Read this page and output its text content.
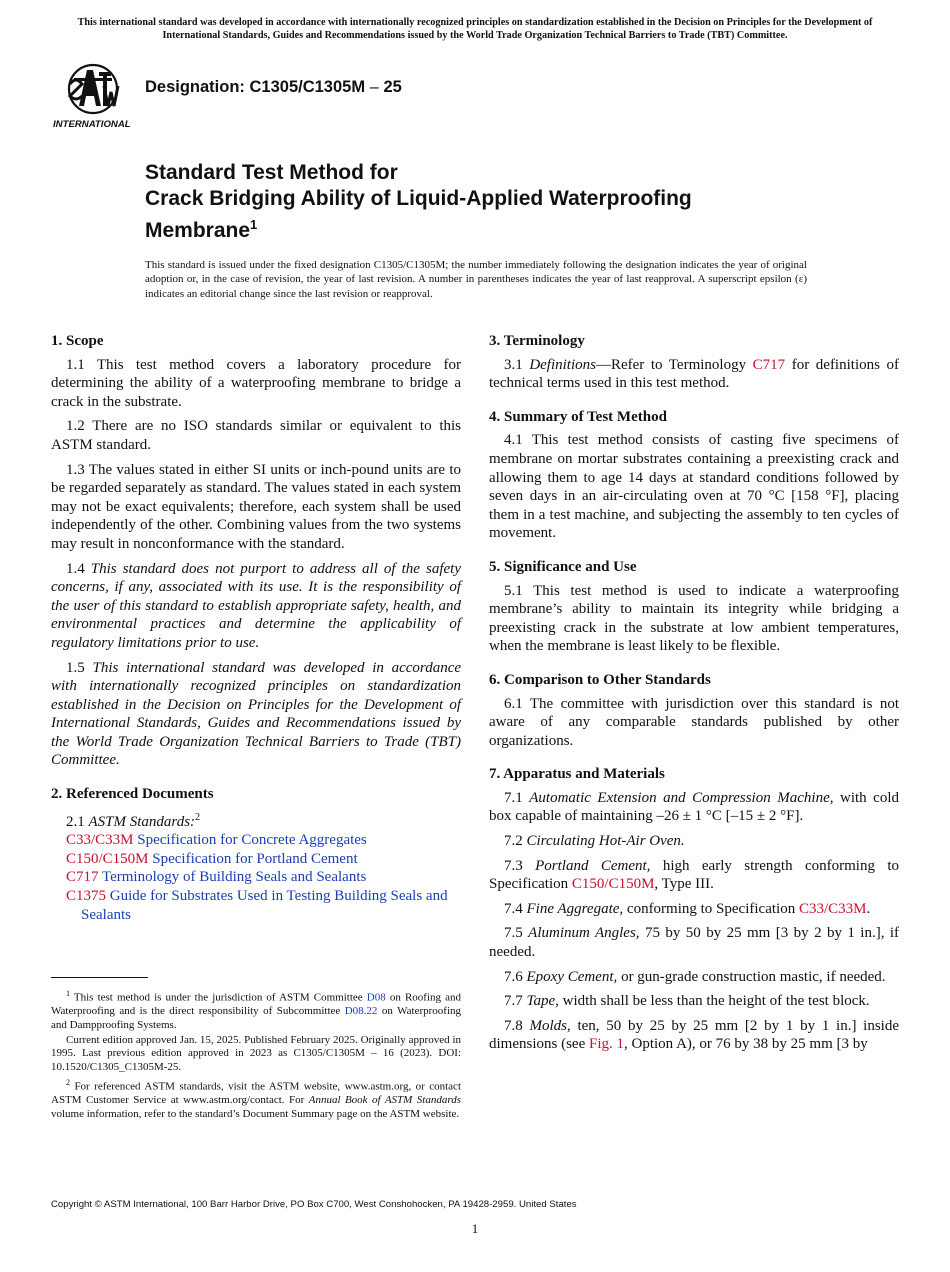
This international standard was developed in accordance with internationally recognized principles on standardization established in the Decision on Principles for the Development of International Standards, Guides and Recommendations issued by the World Trade Organization Technical Barriers to Trade (TBT) Committee.
INTERNATIONAL
Designation: C1305/C1305M – 25
Standard Test Method for
Crack Bridging Ability of Liquid-Applied Waterproofing
Membrane$^1$
This standard is issued under the fixed designation C1305/C1305M; the number immediately following the designation indicates the year of original adoption or, in the case of revision, the year of last revision. A number in parentheses indicates the year of last reapproval. A superscript epsilon (ε) indicates an editorial change since the last revision or reapproval.
1. Scope

1.1 This test method covers a laboratory procedure for determining the ability of a waterproofing membrane to bridge a crack in the substrate.

1.2 There are no ISO standards similar or equivalent to this ASTM standard.

1.3 The values stated in either SI units or inch-pound units are to be regarded separately as standard. The values stated in each system may not be exact equivalents; therefore, each system shall be used independently of the other. Combining values from the two systems may result in nonconformance with the standard.

1.4 This standard does not purport to address all of the safety concerns, if any, associated with its use. It is the responsibility of the user of this standard to establish appropriate safety, health, and environmental practices and determine the applicability of regulatory limitations prior to use.

1.5 This international standard was developed in accordance with internationally recognized principles on standardization established in the Decision on Principles for the Development of International Standards, Guides and Recommendations issued by the World Trade Organization Technical Barriers to Trade (TBT) Committee.

2. Referenced Documents

2.1 ASTM Standards:$^2$

C33/C33M Specification for Concrete Aggregates
C150/C150M Specification for Portland Cement
C717 Terminology of Building Seals and Sealants
C1375 Guide for Substrates Used in Testing Building Seals and Sealants
3. Terminology

3.1 Definitions—Refer to Terminology C717 for definitions of technical terms used in this test method.

4. Summary of Test Method

4.1 This test method consists of casting five specimens of membrane on mortar substrates containing a preexisting crack and allowing them to age 14 days at standard conditions followed by seven days in an air-circulating oven at 70 °C [158 °F], placing them in a test machine, and subjecting the assembly to ten cycles of movement.

5. Significance and Use

5.1 This test method is used to indicate a waterproofing membrane’s ability to maintain its integrity while bridging a preexisting crack in the substrate at low ambient temperatures, when the membrane is least likely to be flexible.

6. Comparison to Other Standards

6.1 The committee with jurisdiction over this standard is not aware of any comparable standards published by other organizations.

7. Apparatus and Materials

7.1 Automatic Extension and Compression Machine, with cold box capable of maintaining –26 ± 1 °C [–15 ± 2 °F].

7.2 Circulating Hot-Air Oven.

7.3 Portland Cement, high early strength conforming to Specification C150/C150M, Type III.

7.4 Fine Aggregate, conforming to Specification C33/C33M.

7.5 Aluminum Angles, 75 by 50 by 25 mm [3 by 2 by 1 in.], if needed.

7.6 Epoxy Cement, or gun-grade construction mastic, if needed.

7.7 Tape, width shall be less than the height of the test block.

7.8 Molds, ten, 50 by 25 by 25 mm [2 by 1 by 1 in.] inside dimensions (see Fig. 1, Option A), or 76 by 38 by 25 mm [3 by

$^1$ This test method is under the jurisdiction of ASTM Committee D08 on Roofing and Waterproofing and is the direct responsibility of Subcommittee D08.22 on Waterproofing and Dampproofing Systems.

Current edition approved Jan. 15, 2025. Published February 2025. Originally approved in 1995. Last previous edition approved in 2023 as C1305/C1305M – 16 (2023). DOI: 10.1520/C1305_C1305M-25.

$^2$ For referenced ASTM standards, visit the ASTM website, www.astm.org, or contact ASTM Customer Service at www.astm.org/contact. For Annual Book of ASTM Standards volume information, refer to the standard’s Document Summary page on the ASTM website.

Copyright © ASTM International, 100 Barr Harbor Drive, PO Box C700, West Conshohocken, PA 19428-2959. United States
1
